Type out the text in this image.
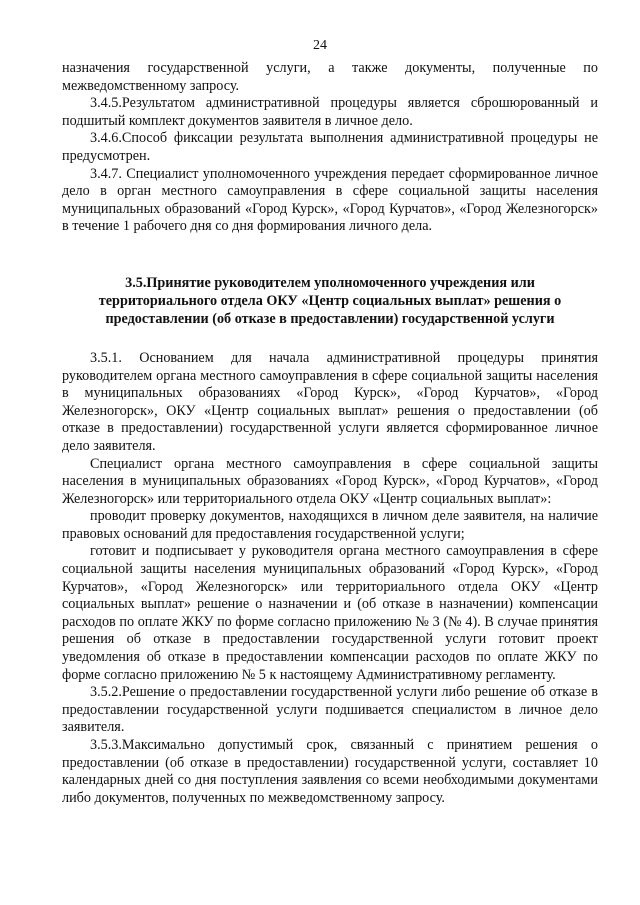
24

назначения государственной услуги, а также документы, полученные по межведомственному запросу.

3.4.5.Результатом административной процедуры является сброшюрованный и подшитый комплект документов заявителя в личное дело.

3.4.6.Способ фиксации результата выполнения административной процедуры не предусмотрен.

3.4.7. Специалист уполномоченного учреждения передает сформированное личное дело в орган местного самоуправления в сфере социальной защиты населения муниципальных образований «Город Курск», «Город Курчатов», «Город Железногорск» в течение 1 рабочего дня со дня формирования личного дела.

3.5.Принятие руководителем уполномоченного учреждения или территориального отдела ОКУ «Центр социальных выплат» решения о предоставлении (об отказе в предоставлении) государственной услуги

3.5.1. Основанием для начала административной процедуры принятия руководителем органа местного самоуправления в сфере социальной защиты населения в муниципальных образованиях «Город Курск», «Город Курчатов», «Город Железногорск», ОКУ «Центр социальных выплат» решения о предоставлении (об отказе в предоставлении) государственной услуги является сформированное личное дело заявителя.

Специалист органа местного самоуправления в сфере социальной защиты населения в муниципальных образованиях «Город Курск», «Город Курчатов», «Город Железногорск» или территориального отдела ОКУ «Центр социальных выплат»:

проводит проверку документов, находящихся в личном деле заявителя, на наличие правовых оснований для предоставления государственной услуги;

готовит и подписывает у руководителя органа местного самоуправления в сфере социальной защиты населения муниципальных образований «Город Курск», «Город Курчатов», «Город Железногорск» или территориального отдела ОКУ «Центр социальных выплат» решение о назначении и (об отказе в назначении) компенсации расходов по оплате ЖКУ по форме согласно приложению № 3 (№ 4). В случае принятия решения об отказе в предоставлении государственной услуги готовит проект уведомления об отказе в предоставлении компенсации расходов по оплате ЖКУ по форме согласно приложению № 5 к настоящему Административному регламенту.

3.5.2.Решение о предоставлении государственной услуги либо решение об отказе в предоставлении государственной услуги подшивается специалистом в личное дело заявителя.

3.5.3.Максимально допустимый срок, связанный с принятием решения о предоставлении (об отказе в предоставлении) государственной услуги, составляет 10 календарных дней со дня поступления заявления со всеми необходимыми документами либо документов, полученных по межведомственному запросу.
